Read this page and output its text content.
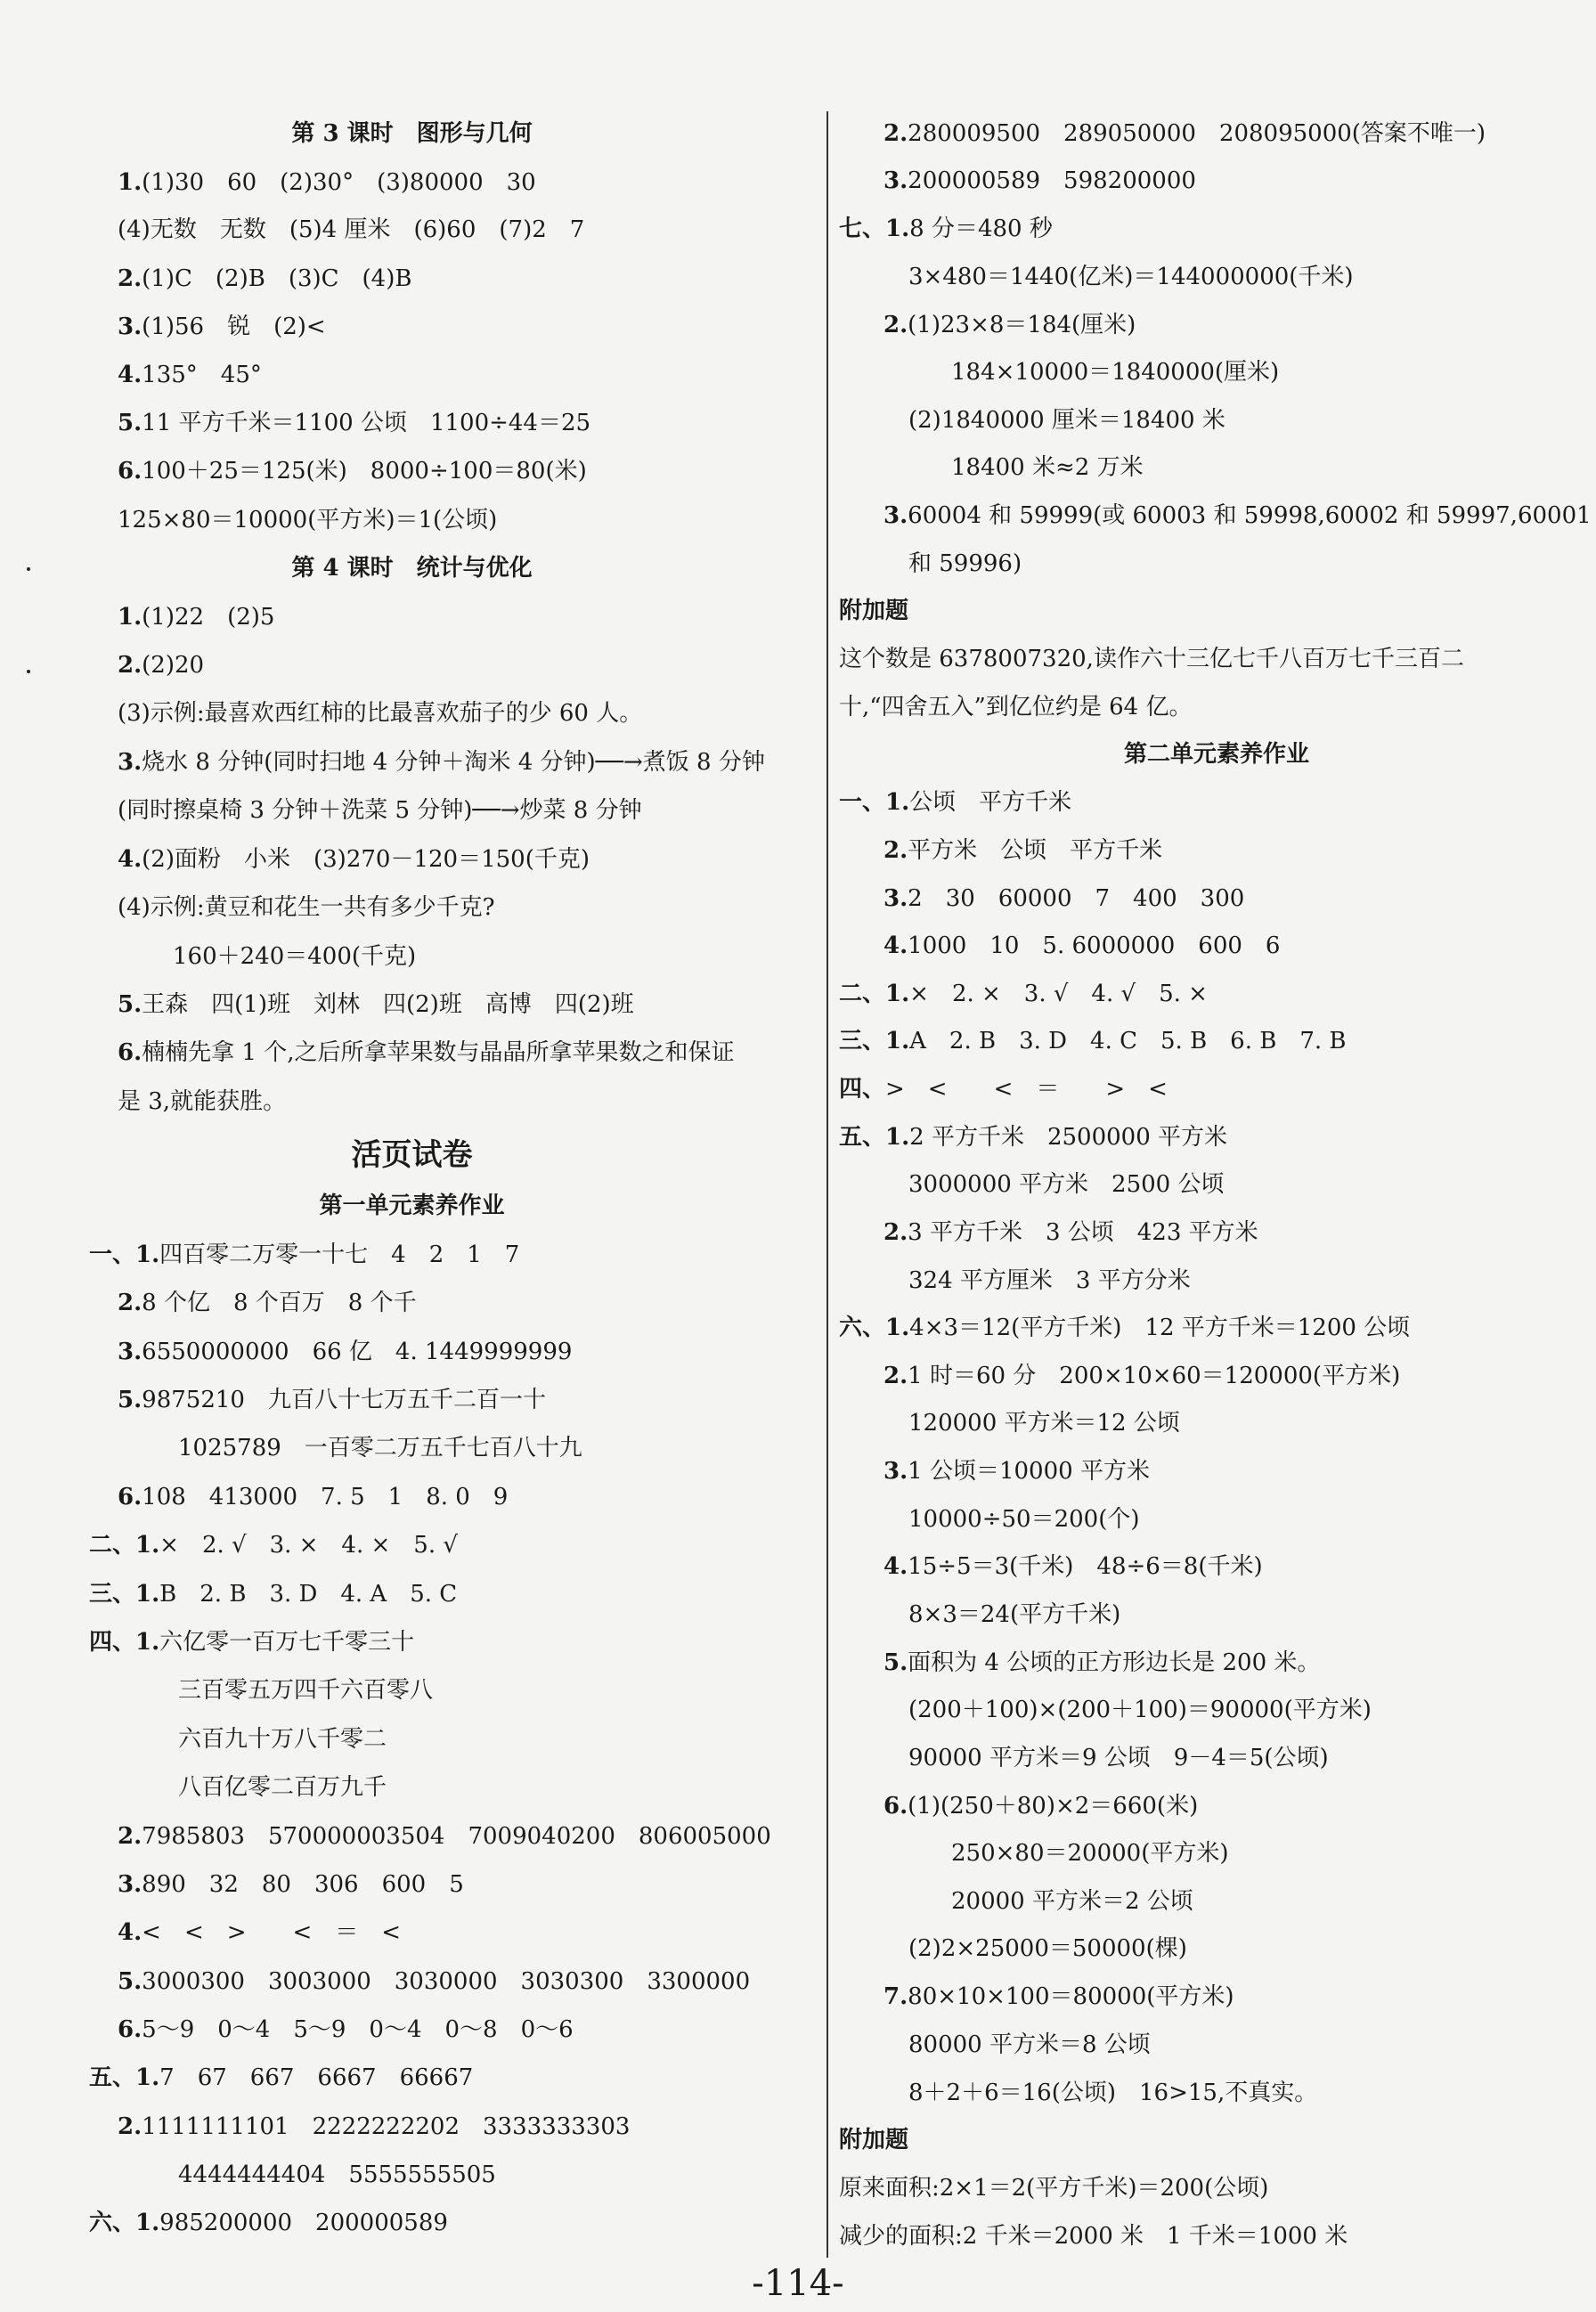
第 3 课时　图形与几何
1.(1)30　60　(2)30°　(3)80000　30
(4)无数　无数　(5)4 厘米　(6)60　(7)2　7
2.(1)C　(2)B　(3)C　(4)B
3.(1)56　锐　(2)<
4.135°　45°
5.11 平方千米＝1100 公顷　1100÷44＝25
6.100＋25＝125(米)　8000÷100＝80(米)
125×80＝10000(平方米)＝1(公顷)
第 4 课时　统计与优化
1.(1)22　(2)5
2.(2)20
(3)示例:最喜欢西红柿的比最喜欢茄子的少 60 人。
3.烧水 8 分钟(同时扫地 4 分钟＋淘米 4 分钟)──→煮饭 8 分钟
(同时擦桌椅 3 分钟＋洗菜 5 分钟)──→炒菜 8 分钟
4.(2)面粉　小米　(3)270－120＝150(千克)
(4)示例:黄豆和花生一共有多少千克?
　160＋240＝400(千克)
5.王森　四(1)班　刘林　四(2)班　高博　四(2)班
6.楠楠先拿 1 个,之后所拿苹果数与晶晶所拿苹果数之和保证
是 3,就能获胜。
活页试卷
第一单元素养作业
一、1.四百零二万零一十七　4　2　1　7
2.8 个亿　8 个百万　8 个千
3.6550000000　66 亿　4. 1449999999
5.9875210　九百八十七万五千二百一十
1025789　一百零二万五千七百八十九
6.108　413000　7. 5　1　8. 0　9
二、1.×　2. √　3. ×　4. ×　5. √
三、1.B　2. B　3. D　4. A　5. C
四、1.六亿零一百万七千零三十
三百零五万四千六百零八
六百九十万八千零二
八百亿零二百万九千
2.7985803　570000003504　7009040200　806005000
3.890　32　80　306　600　5
4.<　<　>　　<　＝　<
5.3000300　3003000　3030000　3030300　3300000
6.5～9　0～4　5～9　0～4　0～8　0～6
五、1.7　67　667　6667　66667
2.1111111101　2222222202　3333333303
4444444404　5555555505
六、1.985200000　200000589
2.280009500　289050000　208095000(答案不唯一)
3.200000589　598200000
七、1.8 分＝480 秒
3×480＝1440(亿米)＝144000000(千米)
2.(1)23×8＝184(厘米)
184×10000＝1840000(厘米)
(2)1840000 厘米＝18400 米
18400 米≈2 万米
3.60004 和 59999(或 60003 和 59998,60002 和 59997,60001
和 59996)
附加题
这个数是 6378007320,读作六十三亿七千八百万七千三百二
十,“四舍五入”到亿位约是 64 亿。
第二单元素养作业
一、1.公顷　平方千米
2.平方米　公顷　平方千米
3.2　30　60000　7　400　300
4.1000　10　5. 6000000　600　6
二、1.×　2. ×　3. √　4. √　5. ×
三、1.A　2. B　3. D　4. C　5. B　6. B　7. B
四、>　<　　<　＝　　>　<
五、1.2 平方千米　2500000 平方米
3000000 平方米　2500 公顷
2.3 平方千米　3 公顷　423 平方米
324 平方厘米　3 平方分米
六、1.4×3＝12(平方千米)　12 平方千米＝1200 公顷
2.1 时＝60 分　200×10×60＝120000(平方米)
120000 平方米＝12 公顷
3.1 公顷＝10000 平方米
10000÷50＝200(个)
4.15÷5＝3(千米)　48÷6＝8(千米)
8×3＝24(平方千米)
5.面积为 4 公顷的正方形边长是 200 米。
(200＋100)×(200＋100)＝90000(平方米)
90000 平方米＝9 公顷　9－4＝5(公顷)
6.(1)(250＋80)×2＝660(米)
250×80＝20000(平方米)
20000 平方米＝2 公顷
(2)2×25000＝50000(棵)
7.80×10×100＝80000(平方米)
80000 平方米＝8 公顷
8＋2＋6＝16(公顷)　16>15,不真实。
附加题
原来面积:2×1＝2(平方千米)＝200(公顷)
减少的面积:2 千米＝2000 米　1 千米＝1000 米
-114-
